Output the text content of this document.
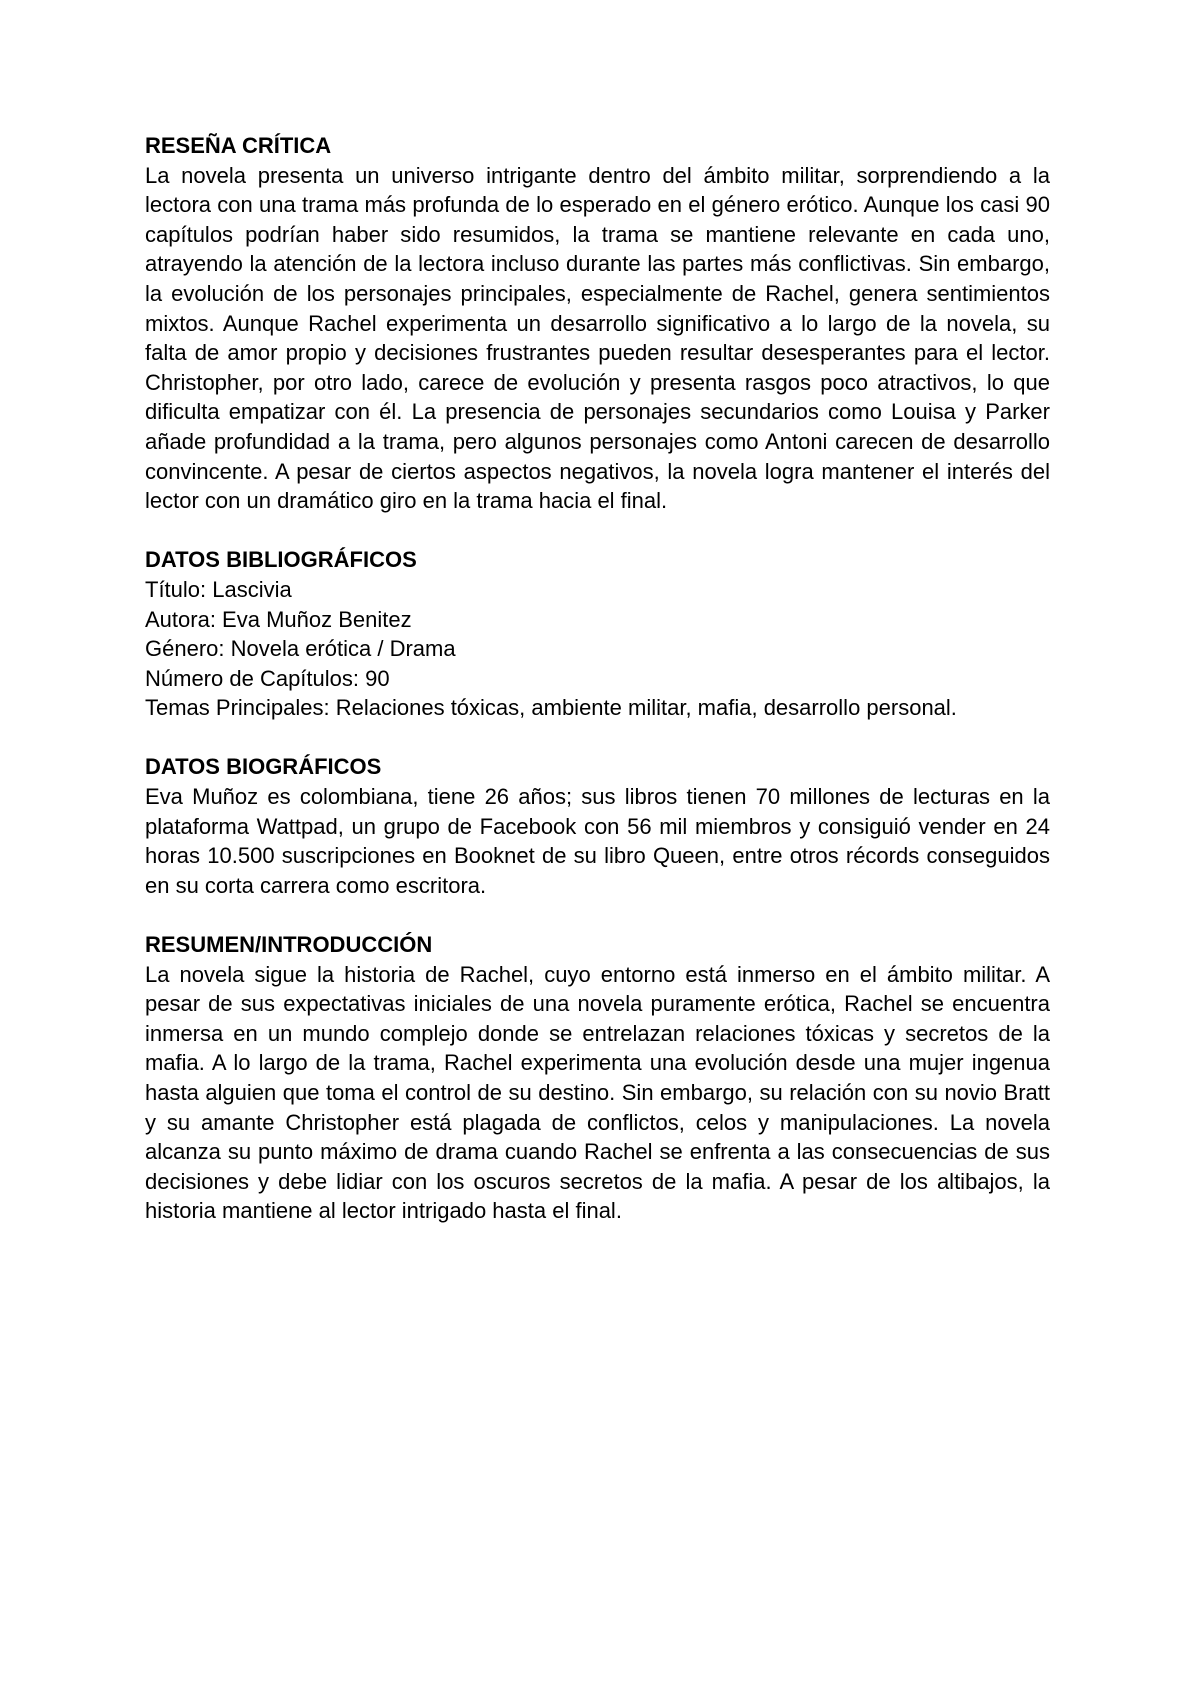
RESEÑA CRÍTICA

La novela presenta un universo intrigante dentro del ámbito militar, sorprendiendo a la lectora con una trama más profunda de lo esperado en el género erótico. Aunque los casi 90 capítulos podrían haber sido resumidos, la trama se mantiene relevante en cada uno, atrayendo la atención de la lectora incluso durante las partes más conflictivas. Sin embargo, la evolución de los personajes principales, especialmente de Rachel, genera sentimientos mixtos. Aunque Rachel experimenta un desarrollo significativo a lo largo de la novela, su falta de amor propio y decisiones frustrantes pueden resultar desesperantes para el lector. Christopher, por otro lado, carece de evolución y presenta rasgos poco atractivos, lo que dificulta empatizar con él. La presencia de personajes secundarios como Louisa y Parker añade profundidad a la trama, pero algunos personajes como Antoni carecen de desarrollo convincente. A pesar de ciertos aspectos negativos, la novela logra mantener el interés del lector con un dramático giro en la trama hacia el final.

DATOS BIBLIOGRÁFICOS
Título: Lascivia
Autora: Eva Muñoz Benitez
Género: Novela erótica / Drama
Número de Capítulos: 90
Temas Principales: Relaciones tóxicas, ambiente militar, mafia, desarrollo personal.
DATOS BIOGRÁFICOS

Eva Muñoz es colombiana, tiene 26 años; sus libros tienen 70 millones de lecturas en la plataforma Wattpad, un grupo de Facebook con 56 mil miembros y consiguió vender en 24 horas 10.500 suscripciones en Booknet de su libro Queen, entre otros récords conseguidos en su corta carrera como escritora.

RESUMEN/INTRODUCCIÓN

La novela sigue la historia de Rachel, cuyo entorno está inmerso en el ámbito militar. A pesar de sus expectativas iniciales de una novela puramente erótica, Rachel se encuentra inmersa en un mundo complejo donde se entrelazan relaciones tóxicas y secretos de la mafia. A lo largo de la trama, Rachel experimenta una evolución desde una mujer ingenua hasta alguien que toma el control de su destino. Sin embargo, su relación con su novio Bratt y su amante Christopher está plagada de conflictos, celos y manipulaciones. La novela alcanza su punto máximo de drama cuando Rachel se enfrenta a las consecuencias de sus decisiones y debe lidiar con los oscuros secretos de la mafia. A pesar de los altibajos, la historia mantiene al lector intrigado hasta el final.
